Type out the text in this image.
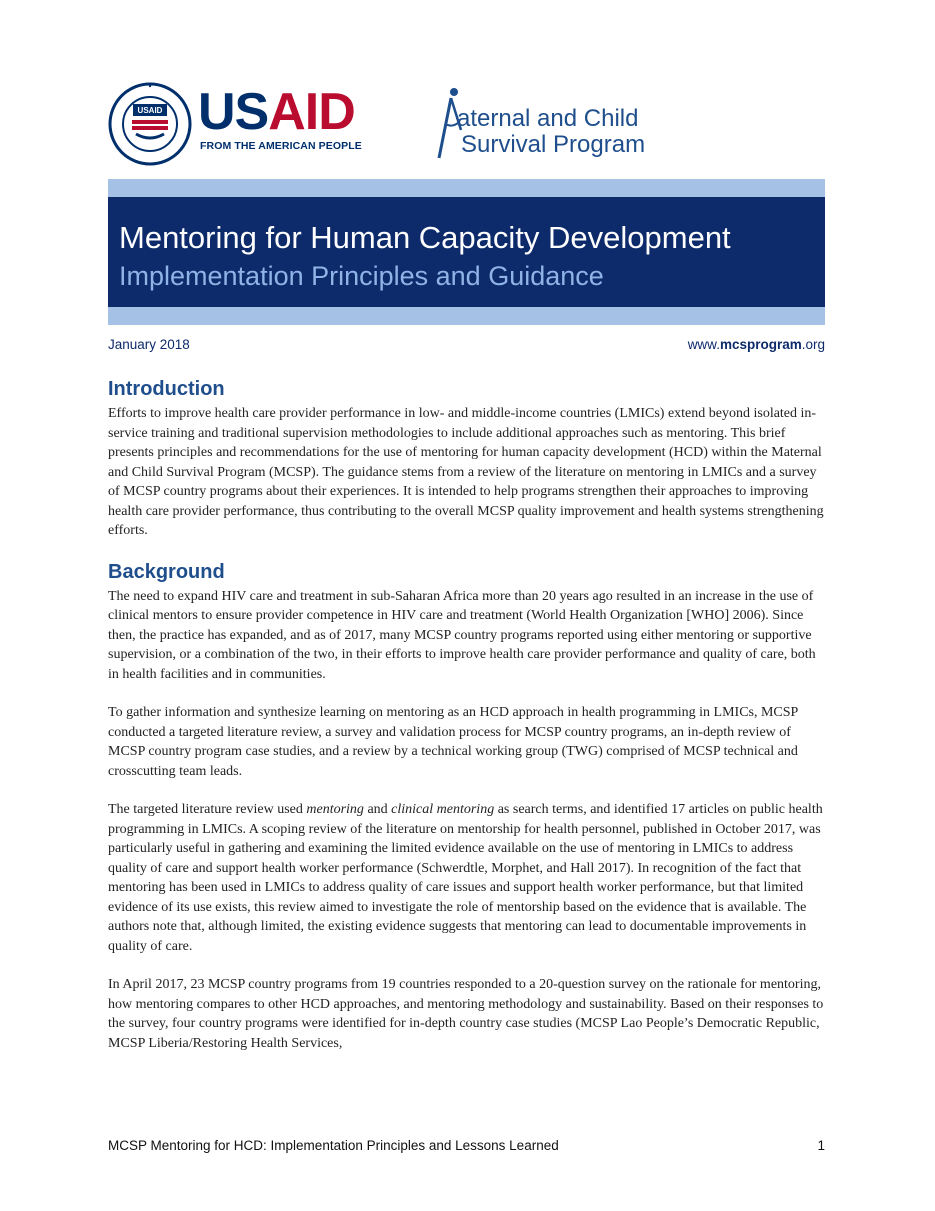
USAID USAID
FROM THE AMERICAN PEOPLE
aternal and Child
Survival Program
Mentoring for Human Capacity Development
Implementation Principles and Guidance
January 2018	www.mcsprogram.org
Introduction

Efforts to improve health care provider performance in low- and middle-income countries (LMICs) extend beyond isolated in-service training and traditional supervision methodologies to include additional approaches such as mentoring. This brief presents principles and recommendations for the use of mentoring for human capacity development (HCD) within the Maternal and Child Survival Program (MCSP). The guidance stems from a review of the literature on mentoring in LMICs and a survey of MCSP country programs about their experiences. It is intended to help programs strengthen their approaches to improving health care provider performance, thus contributing to the overall MCSP quality improvement and health systems strengthening efforts.

Background

The need to expand HIV care and treatment in sub-Saharan Africa more than 20 years ago resulted in an increase in the use of clinical mentors to ensure provider competence in HIV care and treatment (World Health Organization [WHO] 2006). Since then, the practice has expanded, and as of 2017, many MCSP country programs reported using either mentoring or supportive supervision, or a combination of the two, in their efforts to improve health care provider performance and quality of care, both in health facilities and in communities.

To gather information and synthesize learning on mentoring as an HCD approach in health programming in LMICs, MCSP conducted a targeted literature review, a survey and validation process for MCSP country programs, an in-depth review of MCSP country program case studies, and a review by a technical working group (TWG) comprised of MCSP technical and crosscutting team leads.

The targeted literature review used mentoring and clinical mentoring as search terms, and identified 17 articles on public health programming in LMICs. A scoping review of the literature on mentorship for health personnel, published in October 2017, was particularly useful in gathering and examining the limited evidence available on the use of mentoring in LMICs to address quality of care and support health worker performance (Schwerdtle, Morphet, and Hall 2017). In recognition of the fact that mentoring has been used in LMICs to address quality of care issues and support health worker performance, but that limited evidence of its use exists, this review aimed to investigate the role of mentorship based on the evidence that is available. The authors note that, although limited, the existing evidence suggests that mentoring can lead to documentable improvements in quality of care.

In April 2017, 23 MCSP country programs from 19 countries responded to a 20-question survey on the rationale for mentoring, how mentoring compares to other HCD approaches, and mentoring methodology and sustainability. Based on their responses to the survey, four country programs were identified for in-depth country case studies (MCSP Lao People’s Democratic Republic, MCSP Liberia/Restoring Health Services,

MCSP Mentoring for HCD: Implementation Principles and Lessons Learned	1
